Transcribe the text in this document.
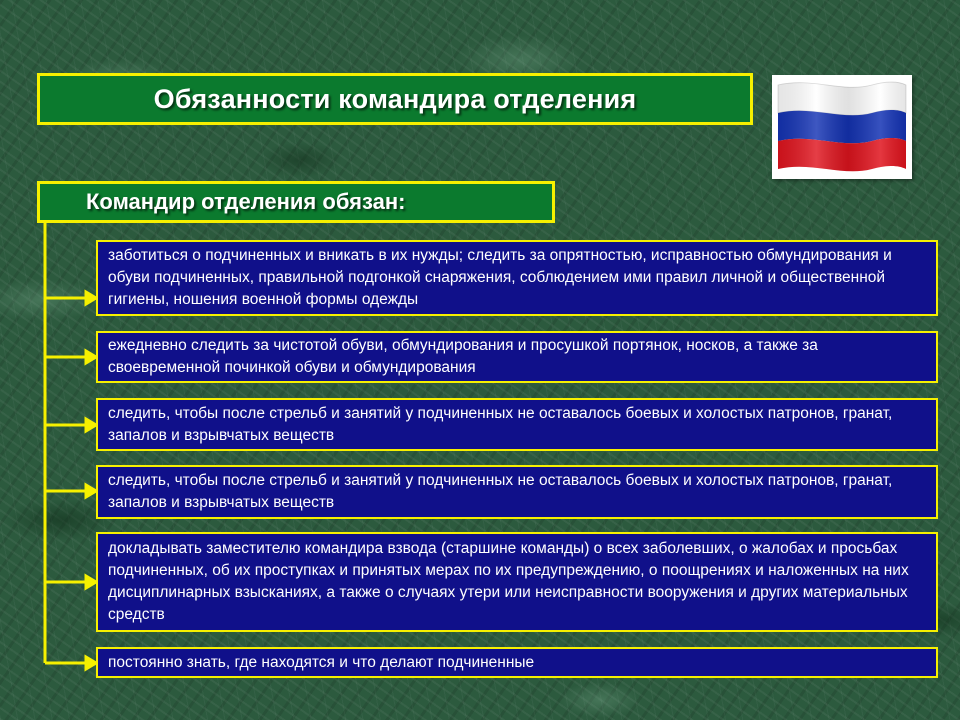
Обязанности командира отделения
Командир отделения обязан:
заботиться о подчиненных и вникать в их нужды; следить за опрятностью, исправностью обмундирования и обуви подчиненных, правильной подгонкой снаряжения, соблюдением ими правил личной и общественной гигиены, ношения военной формы одежды
ежедневно следить за чистотой обуви, обмундирования и просушкой портянок, носков, а также за своевременной починкой обуви и обмундирования
следить, чтобы после стрельб и занятий у подчиненных не оставалось боевых и холостых патронов, гранат, запалов и взрывчатых веществ
следить, чтобы после стрельб и занятий у подчиненных не оставалось боевых и холостых патронов, гранат, запалов и взрывчатых веществ
докладывать заместителю командира взвода (старшине команды) о всех заболевших, о жалобах и просьбах подчиненных, об их проступках и принятых мерах по их предупреждению, о поощрениях и наложенных на них дисциплинарных взысканиях, а также о случаях утери или неисправности вооружения и других материальных средств
постоянно знать, где находятся и что делают подчиненные
